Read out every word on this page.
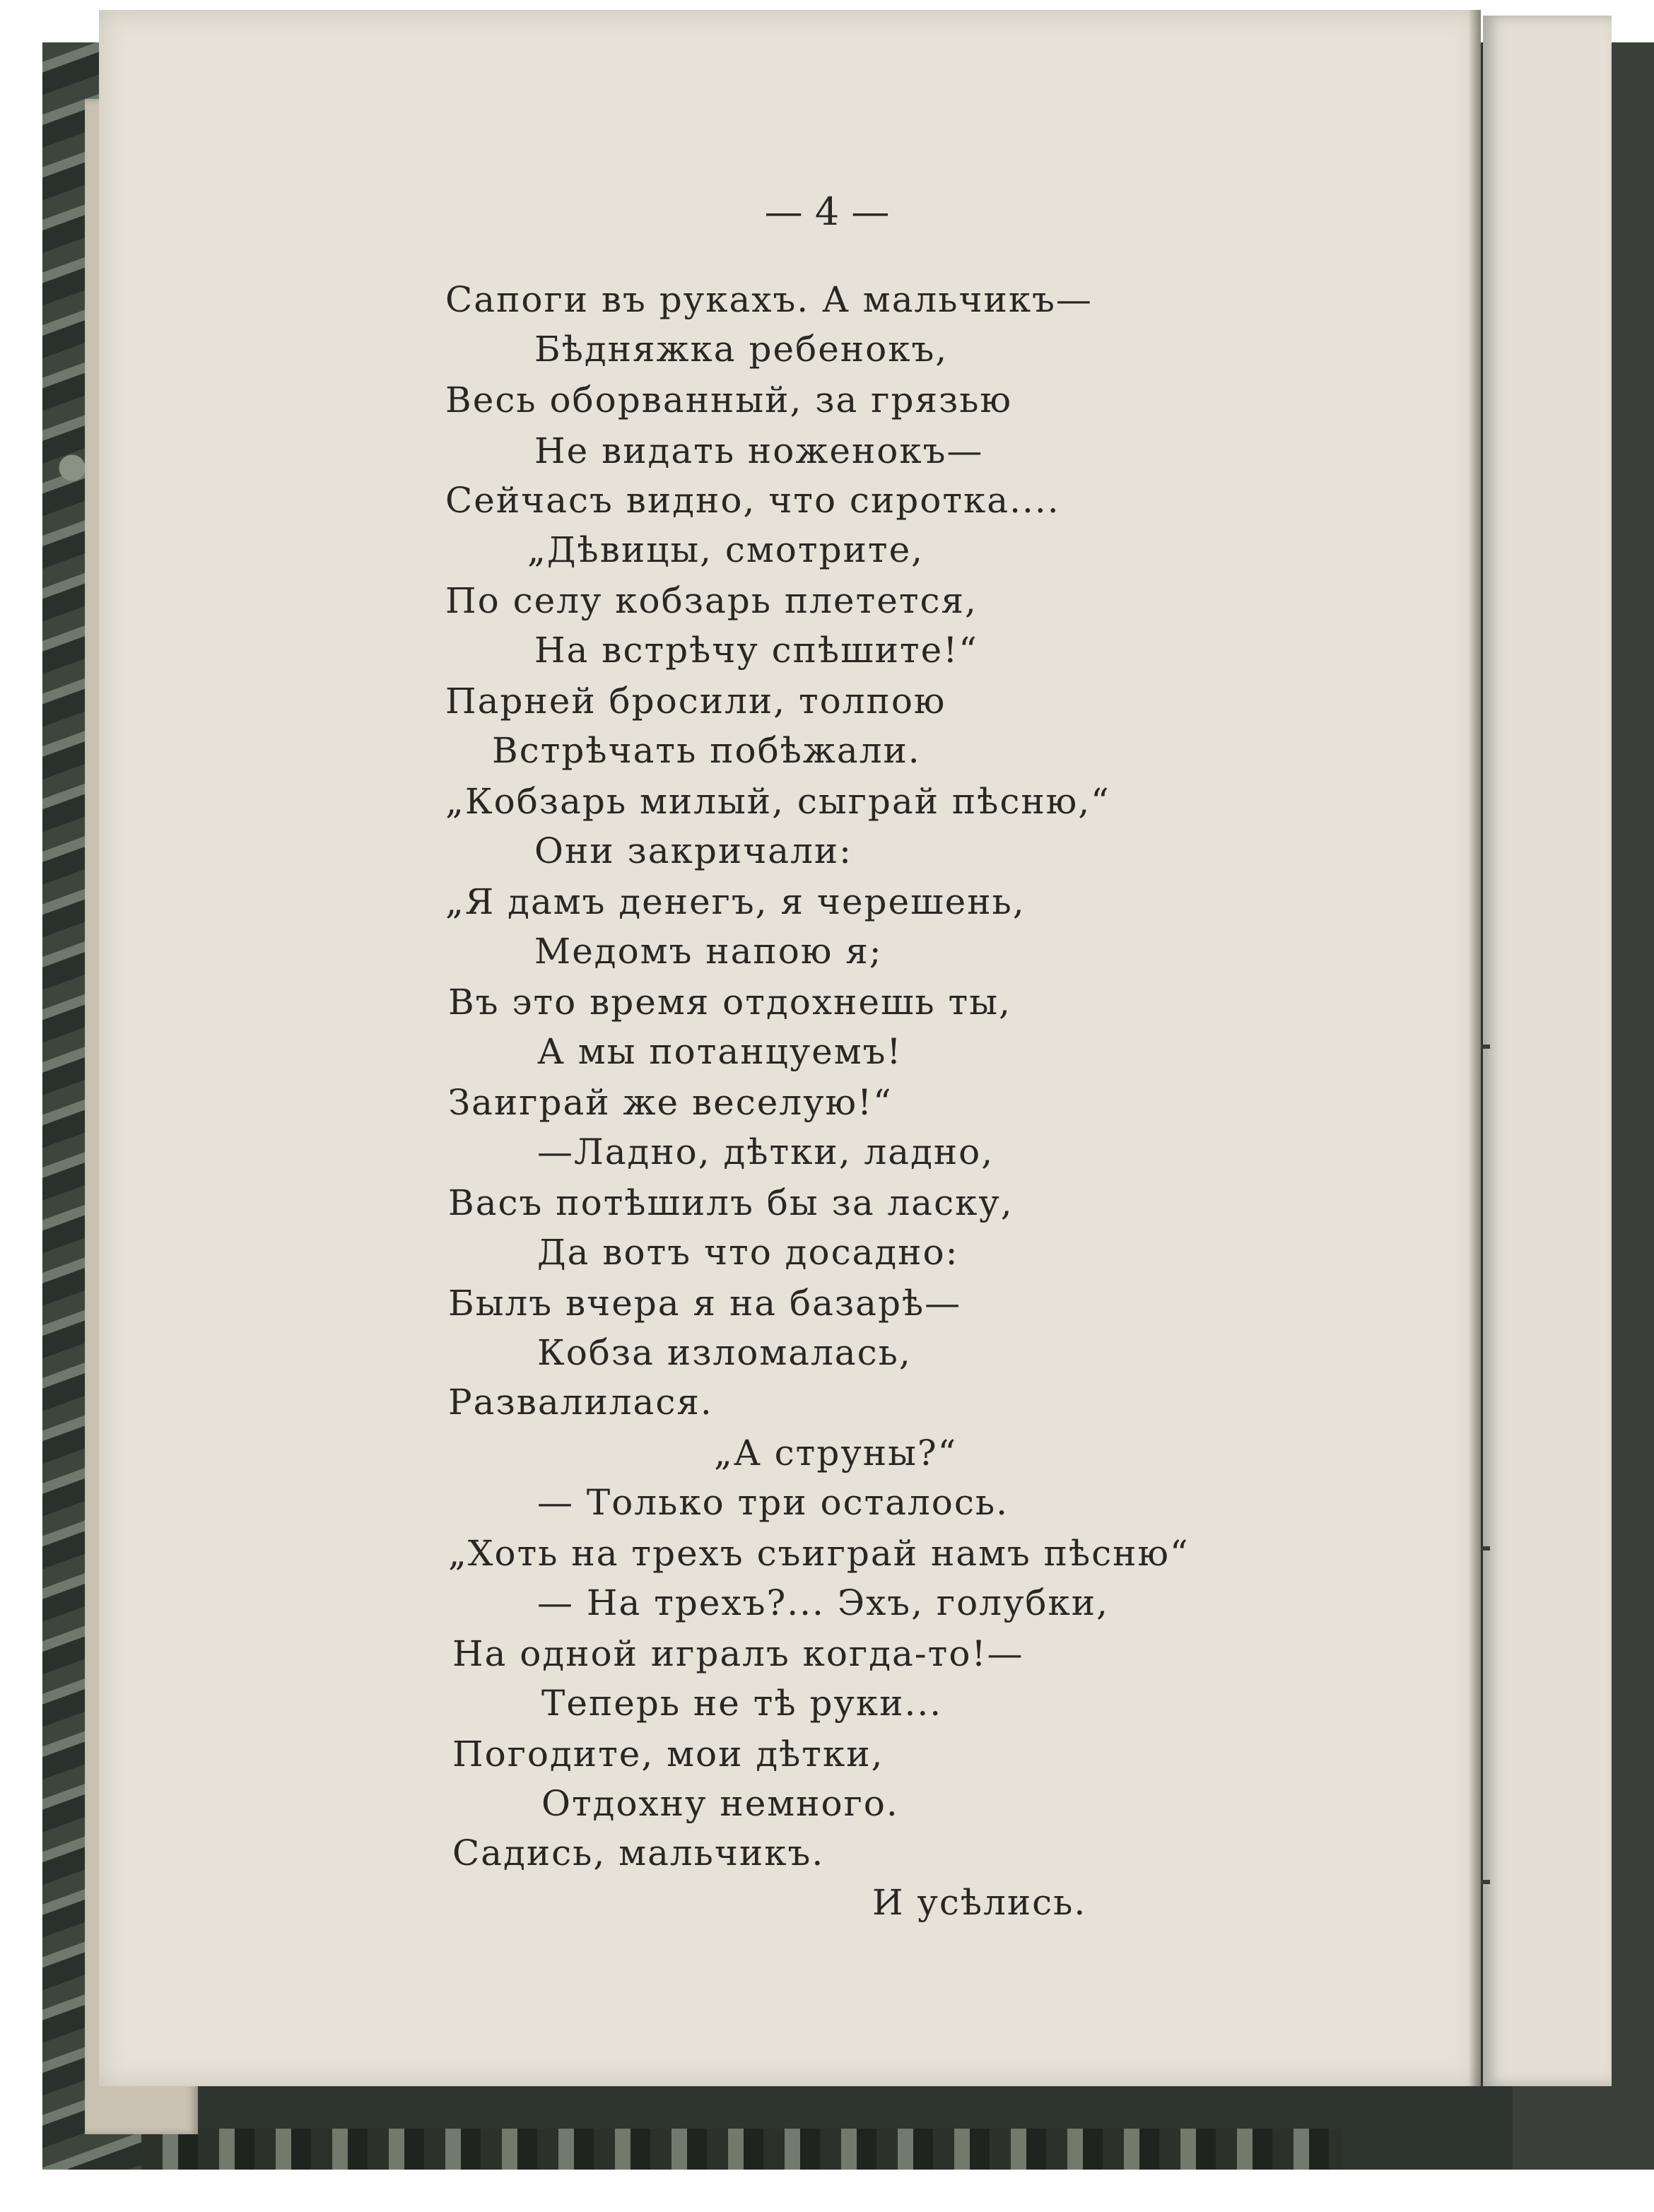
— 4 —
Сапоги въ рукахъ. А мальчикъ—
Бѣдняжка ребенокъ,
Весь оборванный, за грязью
Не видать ноженокъ—
Сейчасъ видно, что сиротка....
„Дѣвицы, смотрите,
По селу кобзарь плетется,
На встрѣчу спѣшите!“
Парней бросили, толпою
Встрѣчать побѣжали.
„Кобзарь милый, сыграй пѣсню,“
Они закричали:
„Я дамъ денегъ, я черешень,
Медомъ напою я;
Въ это время отдохнешь ты,
А мы потанцуемъ!
Заиграй же веселую!“
—Ладно, дѣтки, ладно,
Васъ потѣшилъ бы за ласку,
Да вотъ что досадно:
Былъ вчера я на базарѣ—
Кобза изломалась,
Развалилася.
„А струны?“
— Только три осталось.
„Хоть на трехъ съиграй намъ пѣсню“
— На трехъ?... Эхъ, голубки,
На одной игралъ когда-то!—
Теперь не тѣ руки...
Погодите, мои дѣтки,
Отдохну немного.
Садись, мальчикъ.
И усѣлись.
